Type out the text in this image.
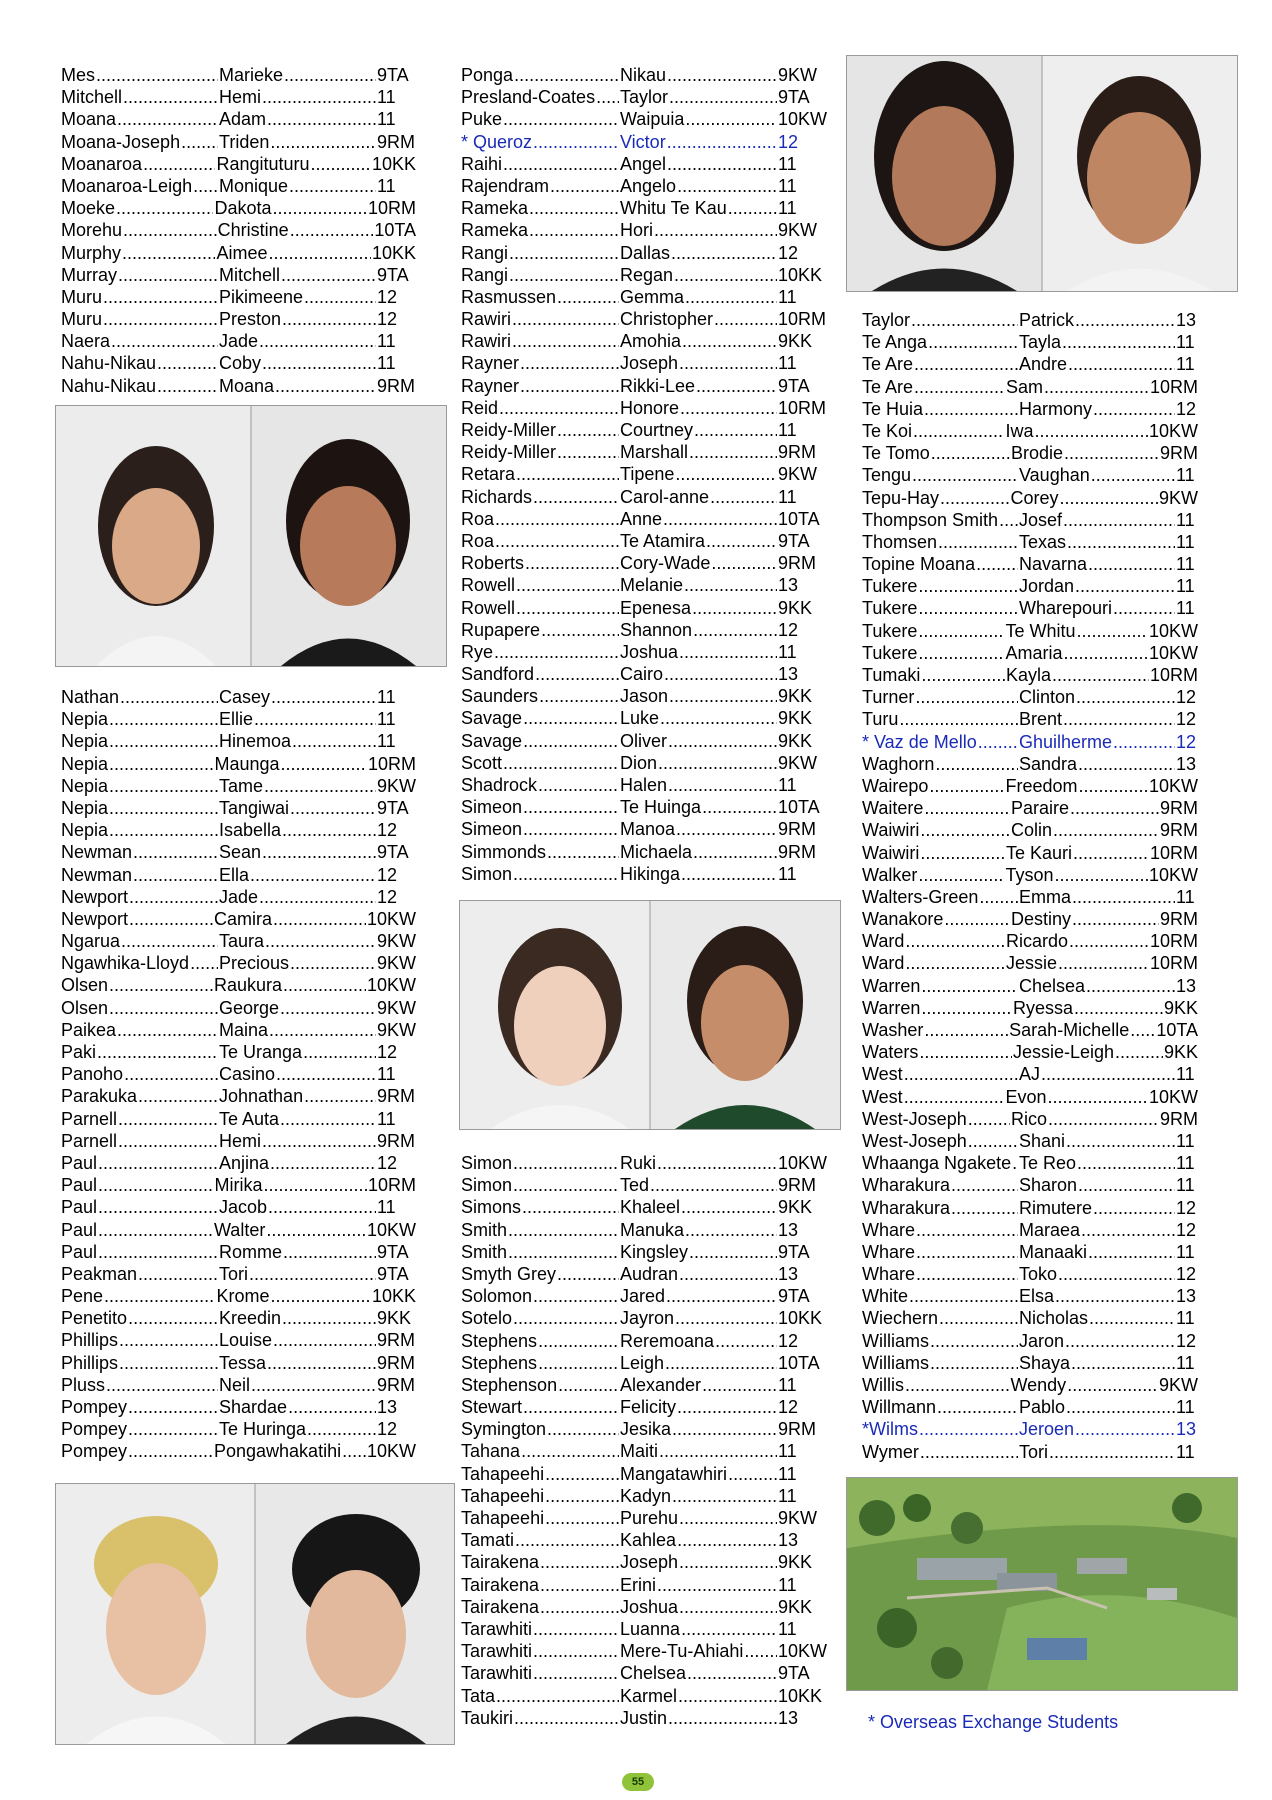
Mes .....	Marieke .....	9TA
Mitchell .....	Hemi .....	11
Moana .....	Adam .....	11
Moana-Joseph ..... Triden .....	9RM
Moanaroa .....	Rangituturu .....	10KK
Moanaroa-Leigh ..... Monique .....	11
Moeke .....	Dakota .....	10RM
Morehu .....	Christine .....	10TA
Murphy .....	Aimee .....	10KK
Murray .....	Mitchell .....	9TA
Muru .....	Pikimeene .....	12
Muru .....	Preston .....	12
Naera .....	Jade .....	11
Nahu-Nikau .....	Coby .....	11
Nahu-Nikau .....	Moana .....	9RM
Nathan .....	Casey .....	11
Nepia .....	Ellie .....	11
Nepia .....	Hinemoa .....	11
Nepia .....	Maunga .....	10RM
Nepia .....	Tame .....	9KW
Nepia .....	Tangiwai .....	9TA
Nepia .....	Isabella .....	12
Newman .....	Sean .....	9TA
Newman .....	Ella .....	12
Newport .....	Jade .....	12
Newport .....	Camira .....	10KW
Ngarua .....	Taura .....	9KW
Ngawhika-Lloyd ..... Precious .....	9KW
Olsen .....	Raukura .....	10KW
Olsen .....	George .....	9KW
Paikea .....	Maina .....	9KW
Paki .....	Te Uranga .....	12
Panoho .....	Casino .....	11
Parakuka .....	Johnathan .....	9RM
Parnell .....	Te Auta .....	11
Parnell .....	Hemi .....	9RM
Paul .....	Anjina .....	12
Paul .....	Mirika .....	10RM
Paul .....	Jacob .....	11
Paul .....	Walter .....	10KW
Paul .....	Romme .....	9TA
Peakman .....	Tori .....	9TA
Pene .....	Krome .....	10KK
Penetito .....	Kreedin .....	9KK
Phillips .....	Louise .....	9RM
Phillips .....	Tessa .....	9RM
Pluss .....	Neil .....	9RM
Pompey .....	Shardae .....	13
Pompey .....	Te Huringa .....	12
Pompey .....	Pongawhakatihi ..... 10KW
Ponga .....	Nikau .....	9KW
Presland-Coates ..... Taylor .....	9TA
Puke .....	Waipuia .....	10KW
* Queroz .....	Victor .....	12
Raihi .....	Angel .....	11
Rajendram .....	Angelo .....	11
Rameka .....	Whitu Te Kau .....	11
Rameka .....	Hori .....	9KW
Rangi .....	Dallas .....	12
Rangi .....	Regan .....	10KK
Rasmussen .....	Gemma .....	11
Rawiri .....	Christopher .....	10RM
Rawiri .....	Amohia .....	9KK
Rayner .....	Joseph .....	11
Rayner .....	Rikki-Lee .....	9TA
Reid .....	Honore .....	10RM
Reidy-Miller .....	Courtney .....	11
Reidy-Miller .....	Marshall .....	9RM
Retara .....	Tipene .....	9KW
Richards .....	Carol-anne .....	11
Roa .....	Anne .....	10TA
Roa .....	Te Atamira .....	9TA
Roberts .....	Cory-Wade .....	9RM
Rowell .....	Melanie .....	13
Rowell .....	Epenesa .....	9KK
Rupapere .....	Shannon .....	12
Rye .....	Joshua .....	11
Sandford .....	Cairo .....	13
Saunders .....	Jason .....	9KK
Savage .....	Luke .....	9KK
Savage .....	Oliver .....	9KK
Scott .....	Dion .....	9KW
Shadrock .....	Halen .....	11
Simeon .....	Te Huinga .....	10TA
Simeon .....	Manoa .....	9RM
Simmonds .....	Michaela .....	9RM
Simon .....	Hikinga .....	11
Simon .....	Ruki .....	10KW
Simon .....	Ted .....	9RM
Simons .....	Khaleel .....	9KK
Smith .....	Manuka .....	13
Smith .....	Kingsley .....	9TA
Smyth Grey .....	Audran .....	13
Solomon .....	Jared .....	9TA
Sotelo .....	Jayron .....	10KK
Stephens .....	Reremoana .....	12
Stephens .....	Leigh .....	10TA
Stephenson .....	Alexander .....	11
Stewart .....	Felicity .....	12
Symington .....	Jesika .....	9RM
Tahana .....	Maiti .....	11
Tahapeehi .....	Mangatawhiri .....	11
Tahapeehi .....	Kadyn .....	11
Tahapeehi .....	Purehu .....	9KW
Tamati .....	Kahlea .....	13
Tairakena .....	Joseph .....	9KK
Tairakena .....	Erini .....	11
Tairakena .....	Joshua .....	9KK
Tarawhiti .....	Luanna .....	11
Tarawhiti .....	Mere-Tu-Ahiahi ..... 10KW
Tarawhiti .....	Chelsea .....	9TA
Tata .....	Karmel .....	10KK
Taukiri .....	Justin .....	13
Taylor .....	Patrick .....	13
Te Anga .....	Tayla .....	11
Te Are .....	Andre .....	11
Te Are .....	Sam .....	10RM
Te Huia .....	Harmony .....	12
Te Koi .....	Iwa .....	10KW
Te Tomo .....	Brodie .....	9RM
Tengu .....	Vaughan .....	11
Tepu-Hay .....	Corey .....	9KW
Thompson Smith ..... Josef .....	11
Thomsen .....	Texas .....	11
Topine Moana ..... Navarna .....	11
Tukere .....	Jordan .....	11
Tukere .....	Wharepouri .....	11
Tukere .....	Te Whitu .....	10KW
Tukere .....	Amaria .....	10KW
Tumaki .....	Kayla .....	10RM
Turner .....	Clinton .....	12
Turu .....	Brent .....	12
* Vaz de Mello ..... Ghuilherme .....	12
Waghorn .....	Sandra .....	13
Wairepo .....	Freedom .....	10KW
Waitere .....	Paraire .....	9RM
Waiwiri .....	Colin .....	9RM
Waiwiri .....	Te Kauri .....	10RM
Walker .....	Tyson .....	10KW
Walters-Green ..... Emma .....	11
Wanakore .....	Destiny .....	9RM
Ward .....	Ricardo .....	10RM
Ward .....	Jessie .....	10RM
Warren .....	Chelsea .....	13
Warren .....	Ryessa .....	9KK
Washer .....	Sarah-Michelle ..... 10TA
Waters .....	Jessie-Leigh .....	9KK
West .....	AJ .....	11
West .....	Evon .....	10KW
West-Joseph ..... Rico .....	9RM
West-Joseph .....	Shani .....	11
Whaanga Ngakete ..... Te Reo .....	11
Wharakura .....	Sharon .....	11
Wharakura .....	Rimutere .....	12
Whare .....	Maraea .....	12
Whare .....	Manaaki .....	11
Whare .....	Toko .....	12
White .....	Elsa .....	13
Wiechern .....	Nicholas .....	11
Williams .....	Jaron .....	12
Williams .....	Shaya .....	11
Willis .....	Wendy .....	9KW
Willmann .....	Pablo .....	11
*Wilms .....	Jeroen .....	13
Wymer .....	Tori .....	11
* Overseas Exchange Students
55
